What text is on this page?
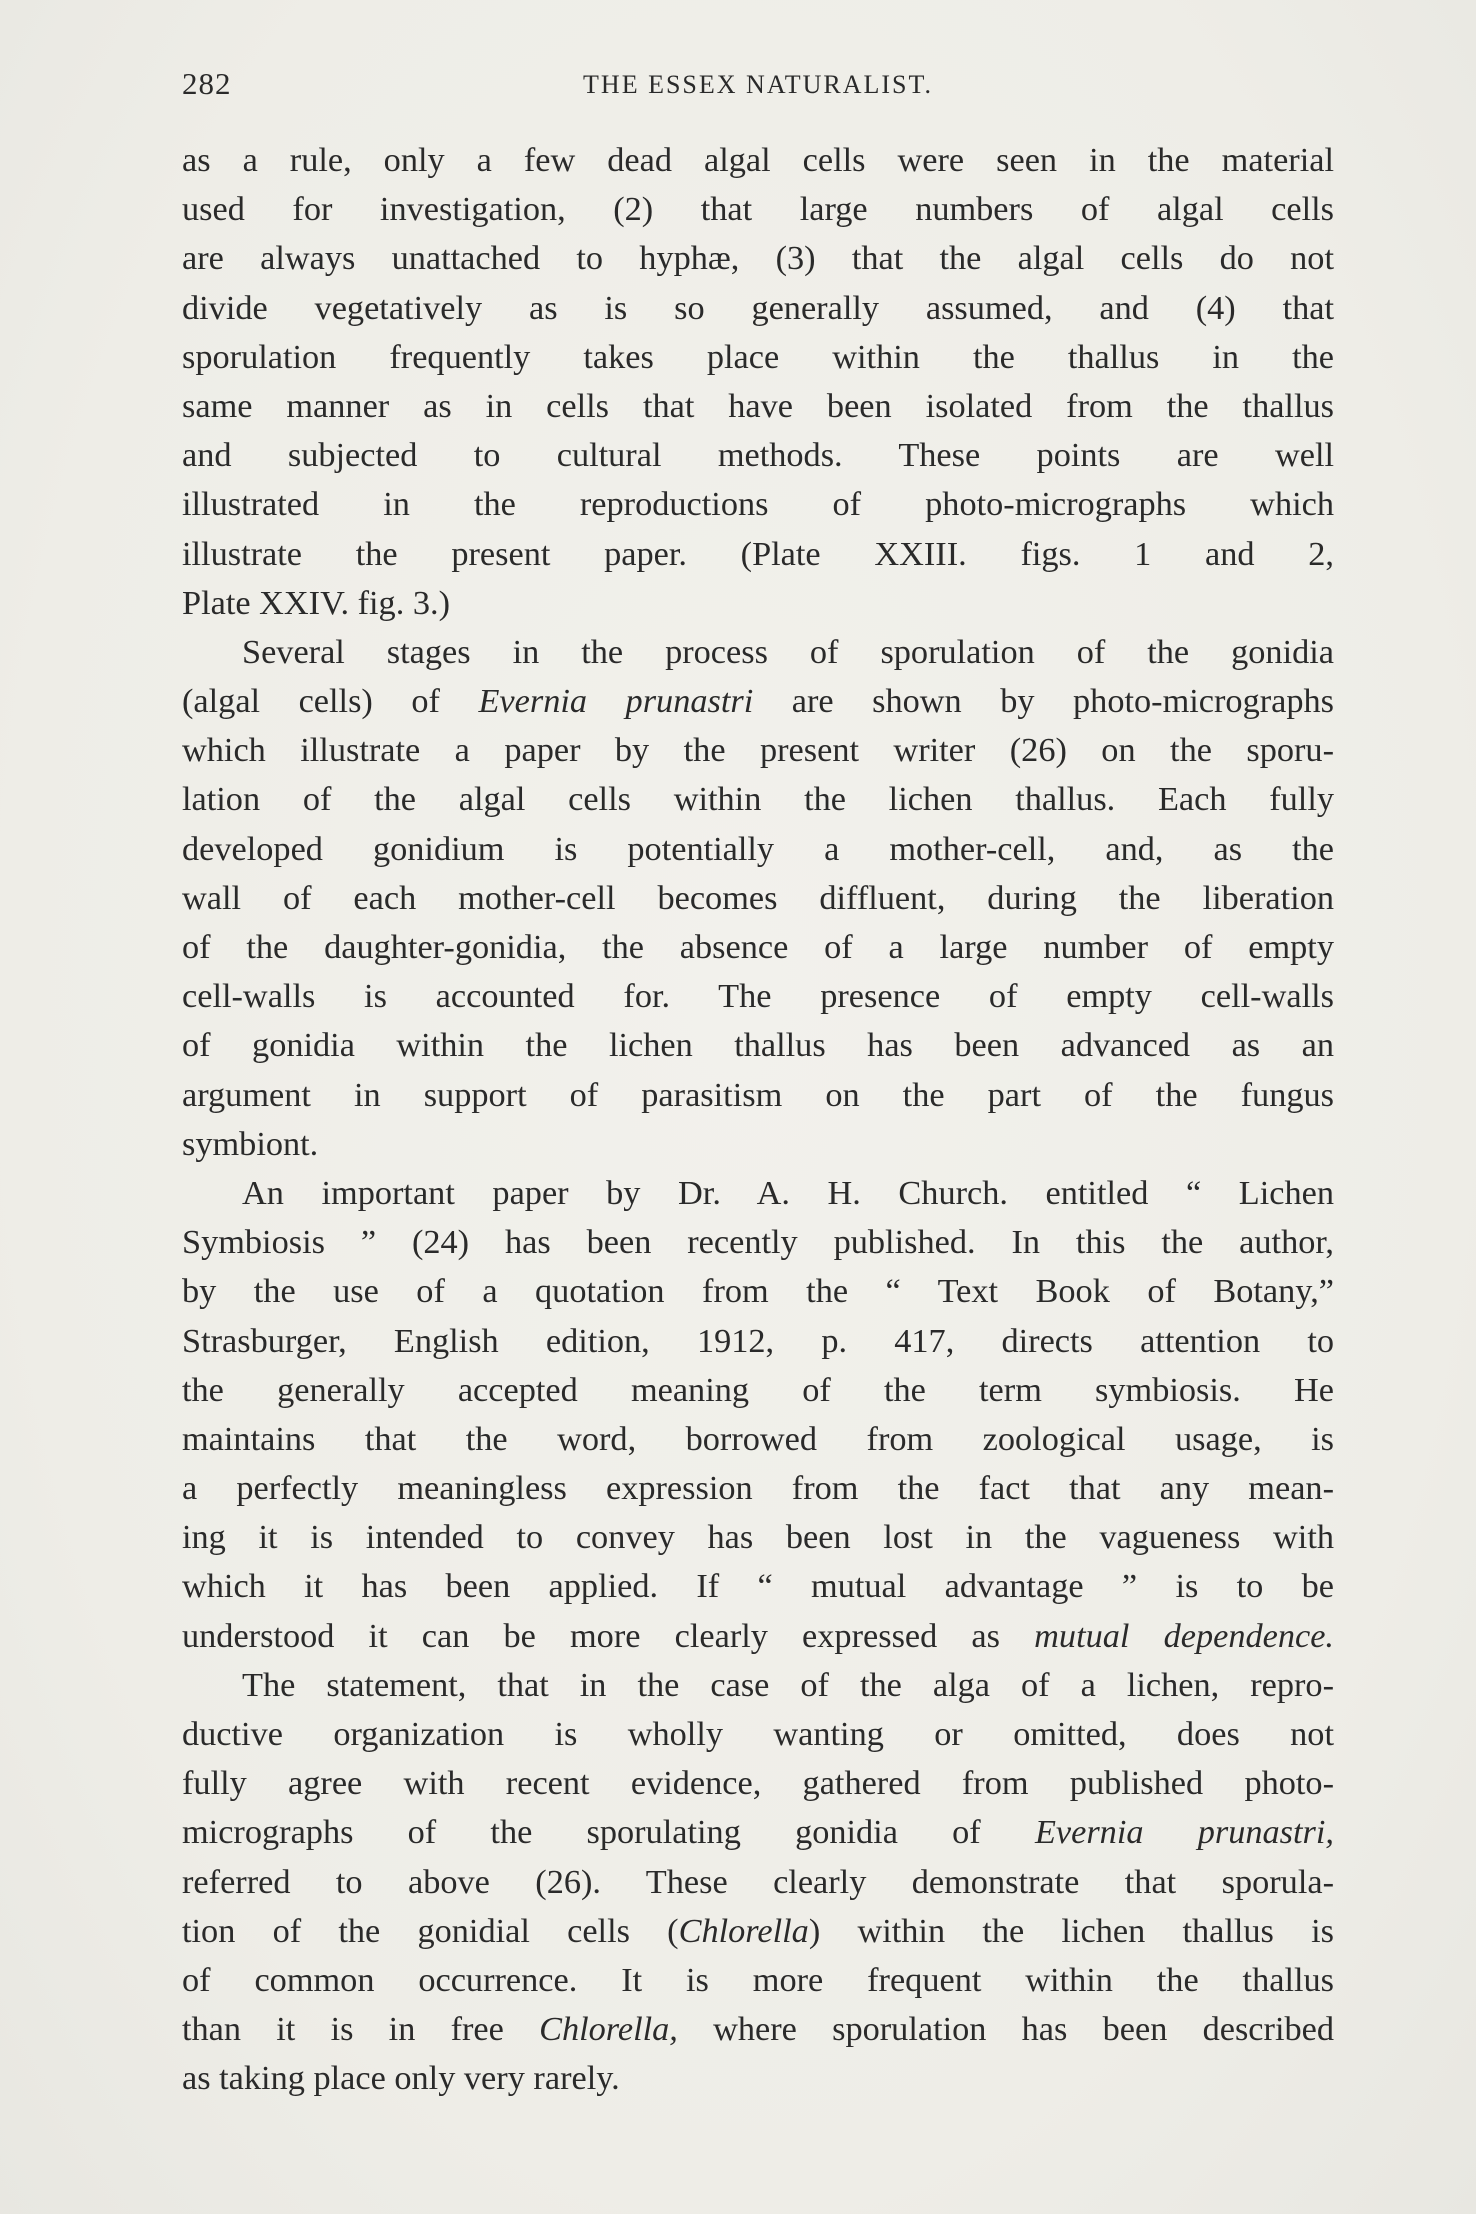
282	THE ESSEX NATURALIST.
as a rule, only a few dead algal cells were seen in the material
used for investigation, (2) that large numbers of algal cells
are always unattached to hyphæ, (3) that the algal cells do not
divide vegetatively as is so generally assumed, and (4) that
sporulation frequently takes place within the thallus in the
same manner as in cells that have been isolated from the thallus
and subjected to cultural methods. These points are well
illustrated in the reproductions of photo-micrographs which
illustrate the present paper. (Plate XXIII. figs. 1 and 2,
Plate XXIV. fig. 3.)
Several stages in the process of sporulation of the gonidia
(algal cells) of Evernia prunastri are shown by photo-micrographs
which illustrate a paper by the present writer (26) on the sporu-
lation of the algal cells within the lichen thallus. Each fully
developed gonidium is potentially a mother-cell, and, as the
wall of each mother-cell becomes diffluent, during the liberation
of the daughter-gonidia, the absence of a large number of empty
cell-walls is accounted for. The presence of empty cell-walls
of gonidia within the lichen thallus has been advanced as an
argument in support of parasitism on the part of the fungus
symbiont.
An important paper by Dr. A. H. Church. entitled “ Lichen
Symbiosis ” (24) has been recently published. In this the author,
by the use of a quotation from the “ Text Book of Botany,”
Strasburger, English edition, 1912, p. 417, directs attention to
the generally accepted meaning of the term symbiosis. He
maintains that the word, borrowed from zoological usage, is
a perfectly meaningless expression from the fact that any mean-
ing it is intended to convey has been lost in the vagueness with
which it has been applied. If “ mutual advantage ” is to be
understood it can be more clearly expressed as mutual dependence.
The statement, that in the case of the alga of a lichen, repro-
ductive organization is wholly wanting or omitted, does not
fully agree with recent evidence, gathered from published photo-
micrographs of the sporulating gonidia of Evernia prunastri,
referred to above (26). These clearly demonstrate that sporula-
tion of the gonidial cells (Chlorella) within the lichen thallus is
of common occurrence. It is more frequent within the thallus
than it is in free Chlorella, where sporulation has been described
as taking place only very rarely.
